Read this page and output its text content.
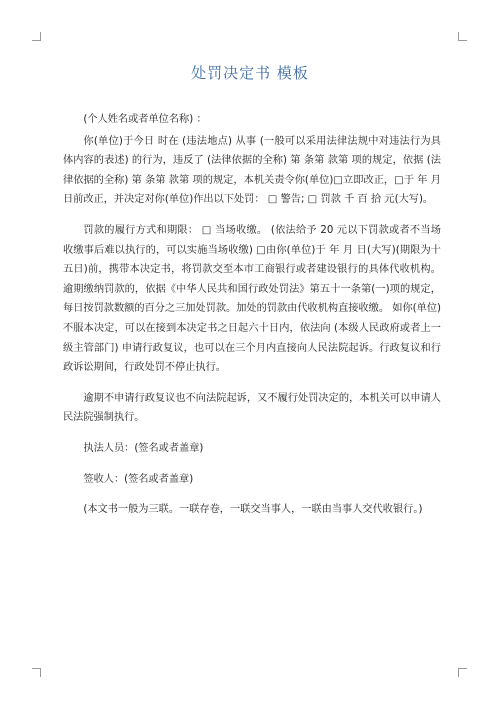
处罚决定书 模板

(个人姓名或者单位名称) ：

你(单位)于今日 时在 (违法地点) 从事 (一般可以采用法律法规中对违法行为具体内容的表述) 的行为，违反了 (法律依据的全称) 第 条第 款第 项的规定，依据 (法律依据的全称) 第 条第 款第 项的规定，本机关责令你(单位)□立即改正，□于 年 月 日前改正，并决定对你(单位)作出以下处罚： □ 警告; □ 罚款 千 百 拾 元(大写)。

罚款的履行方式和期限： □ 当场收缴。 (依法给予 20 元以下罚款或者不当场收缴事后难以执行的，可以实施当场收缴) □由你(单位)于 年 月 日(大写)(期限为十五日)前，携带本决定书，将罚款交至本市工商银行或者建设银行的具体代收机构。逾期缴纳罚款的，依据《中华人民共和国行政处罚法》第五十一条第(一)项的规定，每日按罚款数额的百分之三加处罚款。加处的罚款由代收机构直接收缴。 如你(单位)不服本决定，可以在接到本决定书之日起六十日内，依法向 (本级人民政府或者上一级主管部门) 申请行政复议，也可以在三个月内直接向人民法院起诉。行政复议和行政诉讼期间，行政处罚不停止执行。

逾期不申请行政复议也不向法院起诉，又不履行处罚决定的，本机关可以申请人民法院强制执行。

执法人员：(签名或者盖章)

签收人：(签名或者盖章)

(本文书一般为三联。一联存卷，一联交当事人，一联由当事人交代收银行。)
